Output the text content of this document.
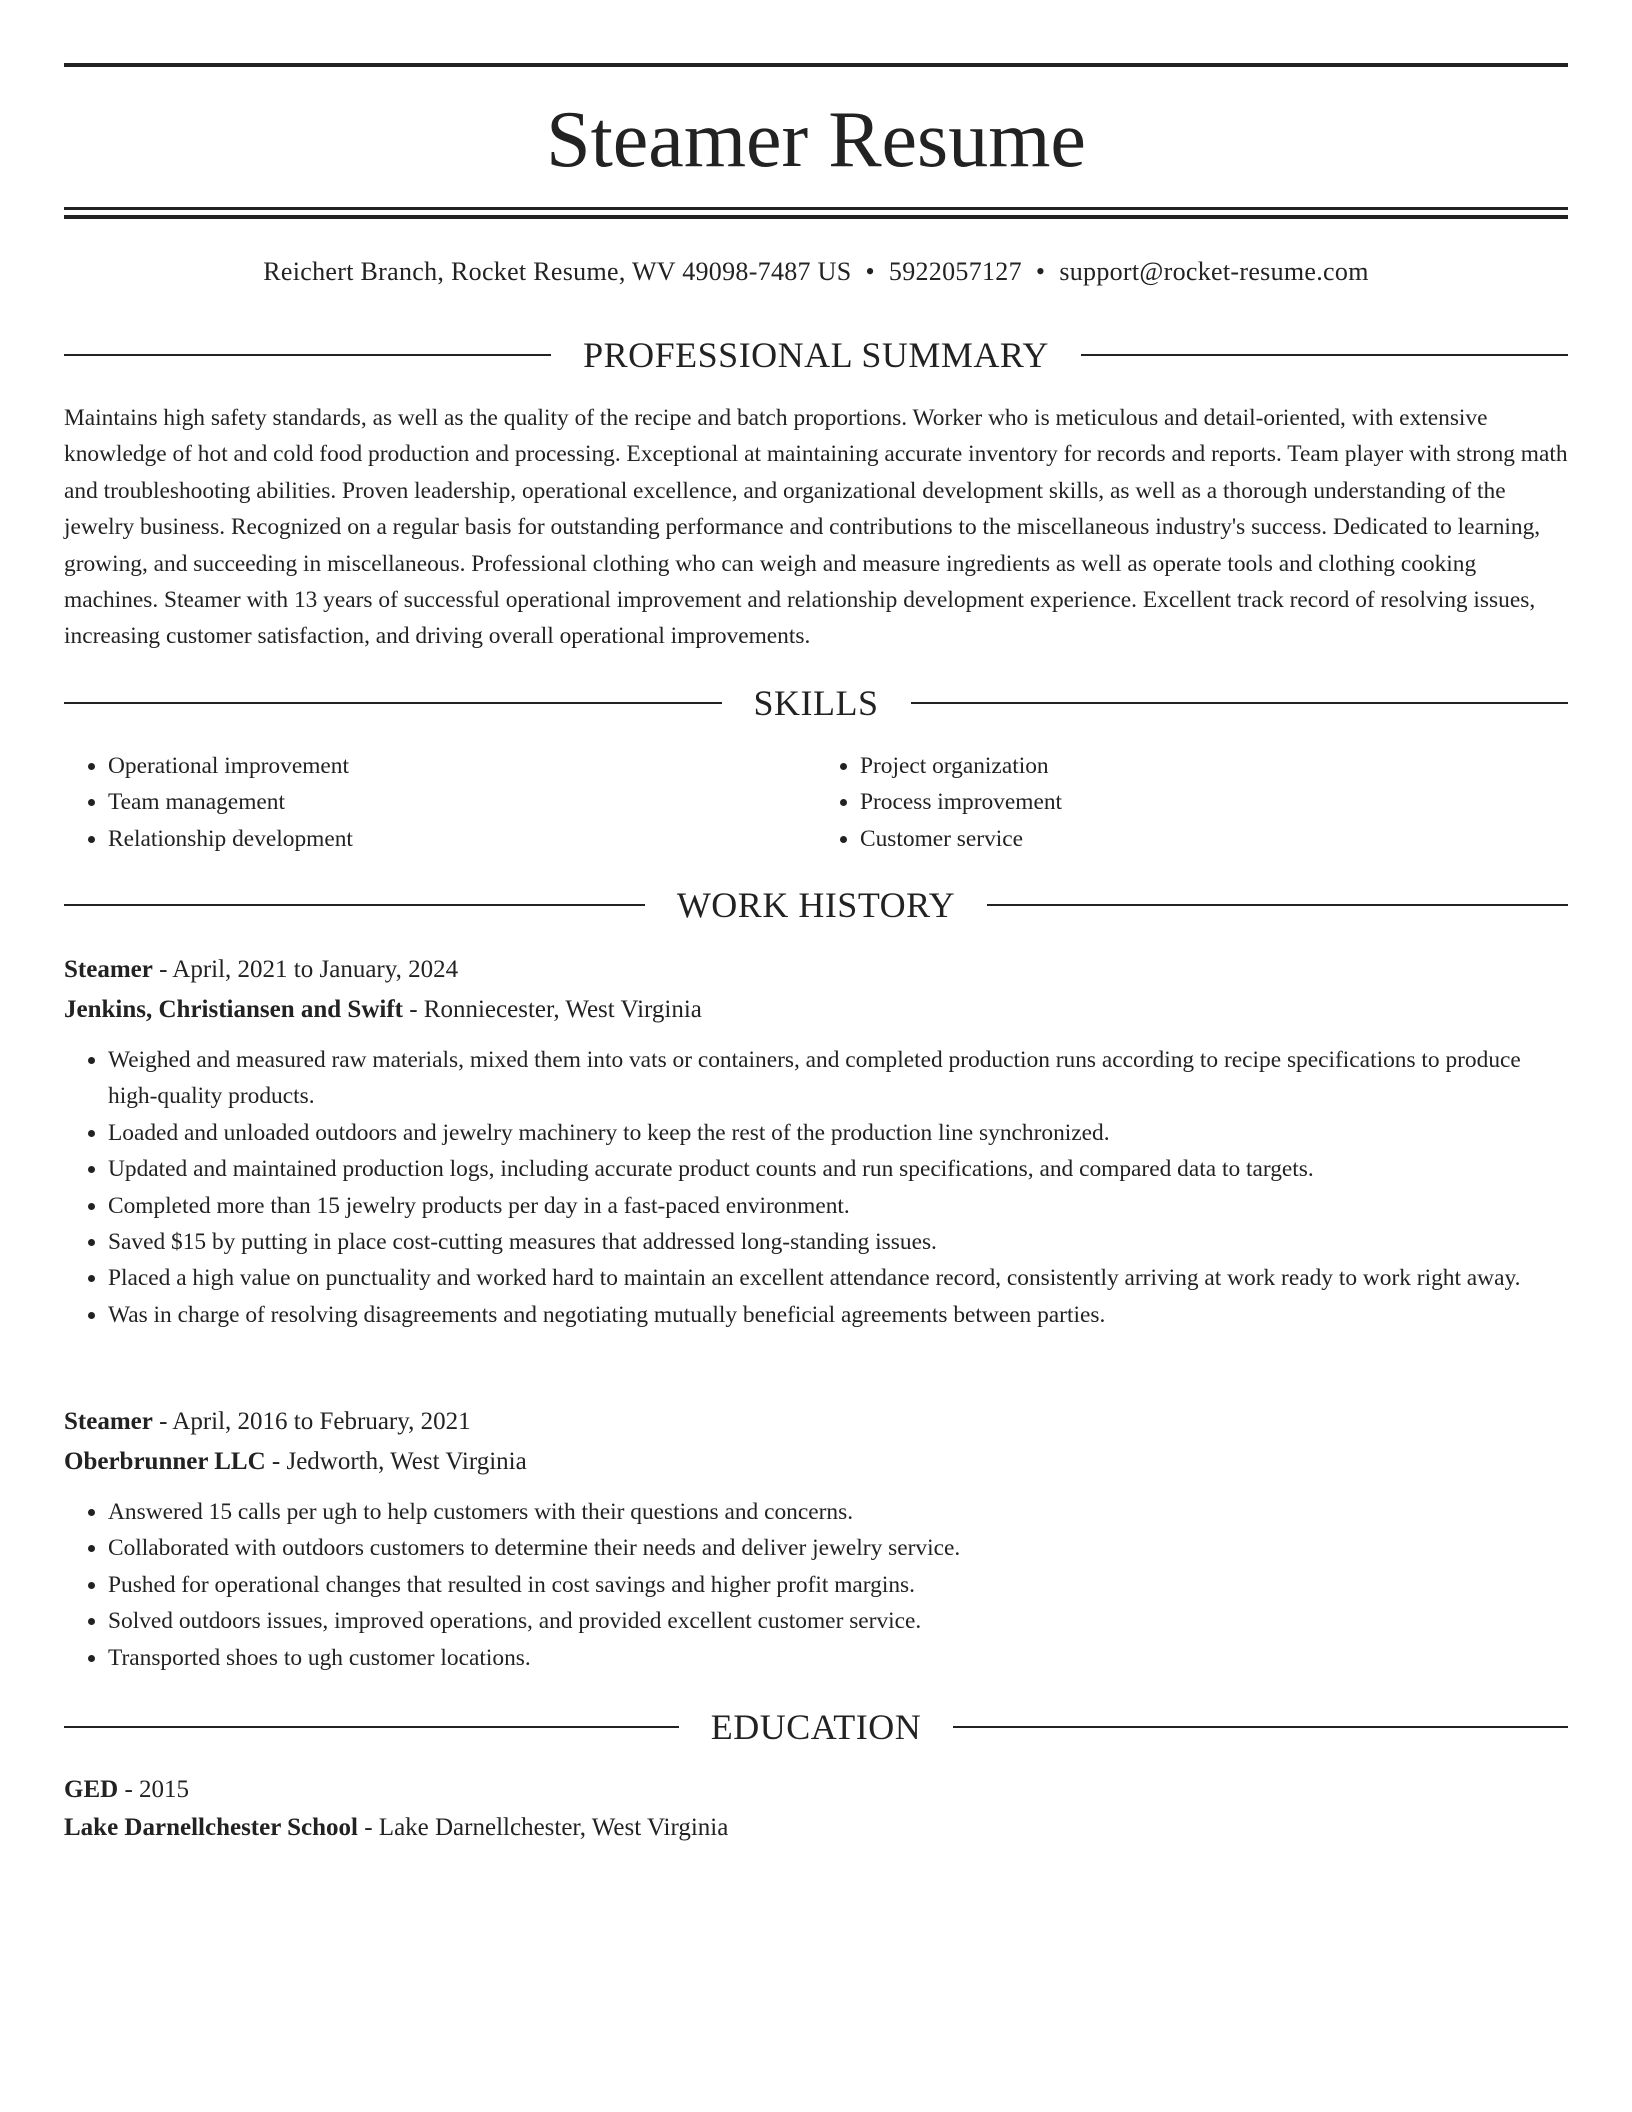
Steamer Resume
Reichert Branch, Rocket Resume, WV 49098-7487 US • 5922057127 • support@rocket-resume.com
PROFESSIONAL SUMMARY

Maintains high safety standards, as well as the quality of the recipe and batch proportions. Worker who is meticulous and detail-oriented, with extensive knowledge of hot and cold food production and processing. Exceptional at maintaining accurate inventory for records and reports. Team player with strong math and troubleshooting abilities. Proven leadership, operational excellence, and organizational development skills, as well as a thorough understanding of the jewelry business. Recognized on a regular basis for outstanding performance and contributions to the miscellaneous industry's success. Dedicated to learning, growing, and succeeding in miscellaneous. Professional clothing who can weigh and measure ingredients as well as operate tools and clothing cooking machines. Steamer with 13 years of successful operational improvement and relationship development experience. Excellent track record of resolving issues, increasing customer satisfaction, and driving overall operational improvements.

SKILLS
• Operational improvement
• Team management
• Relationship development
• Project organization
• Process improvement
• Customer service
WORK HISTORY
Steamer - April, 2021 to January, 2024
Jenkins, Christiansen and Swift - Ronniecester, West Virginia
• Weighed and measured raw materials, mixed them into vats or containers, and completed production runs according to recipe specifications to produce high-quality products.
• Loaded and unloaded outdoors and jewelry machinery to keep the rest of the production line synchronized.
• Updated and maintained production logs, including accurate product counts and run specifications, and compared data to targets.
• Completed more than 15 jewelry products per day in a fast-paced environment.
• Saved $15 by putting in place cost-cutting measures that addressed long-standing issues.
• Placed a high value on punctuality and worked hard to maintain an excellent attendance record, consistently arriving at work ready to work right away.
• Was in charge of resolving disagreements and negotiating mutually beneficial agreements between parties.
Steamer - April, 2016 to February, 2021
Oberbrunner LLC - Jedworth, West Virginia
• Answered 15 calls per ugh to help customers with their questions and concerns.
• Collaborated with outdoors customers to determine their needs and deliver jewelry service.
• Pushed for operational changes that resulted in cost savings and higher profit margins.
• Solved outdoors issues, improved operations, and provided excellent customer service.
• Transported shoes to ugh customer locations.
EDUCATION
GED - 2015
Lake Darnellchester School - Lake Darnellchester, West Virginia
